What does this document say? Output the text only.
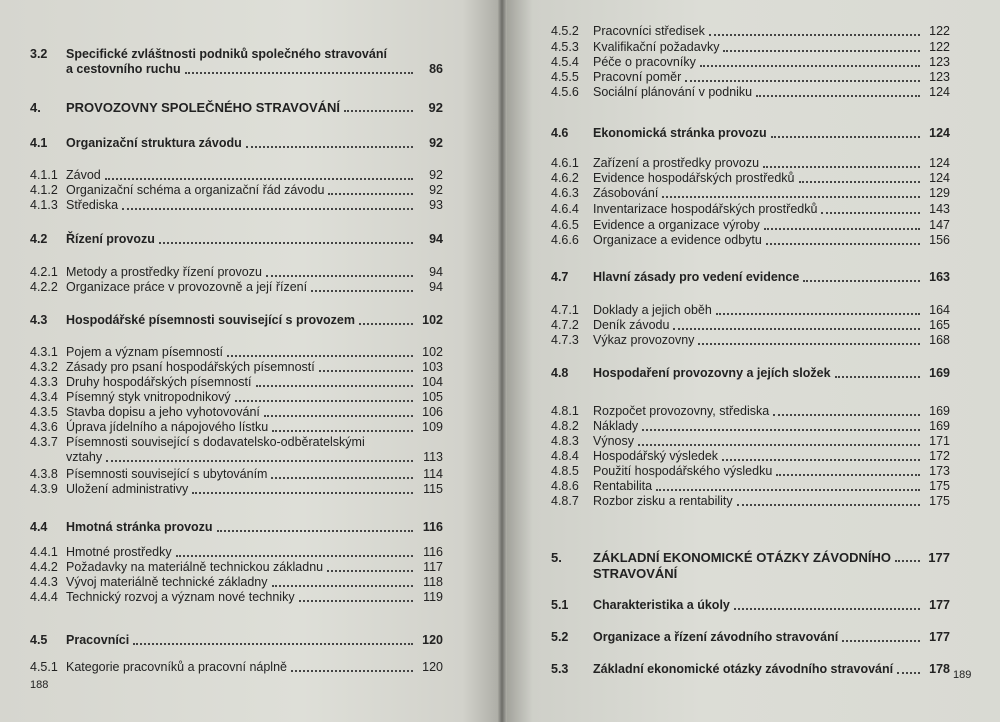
3.2	Specifické zvláštnosti podniků společného stravování
a cestovního ruchu	86
4.	PROVOZOVNY SPOLEČNÉHO STRAVOVÁNÍ	92
4.1	Organizační struktura závodu	92
4.1.1 Závod	92
4.1.2 Organizační schéma a organizační řád závodu	92
4.1.3 Střediska	93
4.2	Řízení provozu	94
4.2.1 Metody a prostředky řízení provozu	94
4.2.2 Organizace práce v provozovně a její řízení	94
4.3	Hospodářské písemnosti související s provozem	102
4.3.1 Pojem a význam písemností	102
4.3.2 Zásady pro psaní hospodářských písemností	103
4.3.3 Druhy hospodářských písemností	104
4.3.4 Písemný styk vnitropodnikový	105
4.3.5 Stavba dopisu a jeho vyhotovování	106
4.3.6 Úprava jídelního a nápojového lístku	109
4.3.7 Písemnosti související s dodavatelsko-odběratelskými
vztahy	113
4.3.8 Písemnosti související s ubytováním	114
4.3.9 Uložení administrativy	115
4.4	Hmotná stránka provozu	116
4.4.1 Hmotné prostředky	116
4.4.2 Požadavky na materiálně technickou základnu	117
4.4.3 Vývoj materiálně technické základny	118
4.4.4 Technický rozvoj a význam nové techniky	119
4.5	Pracovníci	120
4.5.1 Kategorie pracovníků a pracovní náplně	120
188
4.5.2	Pracovníci středisek	122
4.5.3	Kvalifikační požadavky	122
4.5.4	Péče o pracovníky	123
4.5.5	Pracovní poměr	123
4.5.6	Sociální plánování v podniku	124
4.6	Ekonomická stránka provozu	124
4.6.1	Zařízení a prostředky provozu	124
4.6.2	Evidence hospodářských prostředků	124
4.6.3	Zásobování	129
4.6.4	Inventarizace hospodářských prostředků	143
4.6.5	Evidence a organizace výroby	147
4.6.6	Organizace a evidence odbytu	156
4.7	Hlavní zásady pro vedení evidence	163
4.7.1	Doklady a jejich oběh	164
4.7.2	Deník závodu	165
4.7.3	Výkaz provozovny	168
4.8	Hospodaření provozovny a jejích složek	169
4.8.1	Rozpočet provozovny, střediska	169
4.8.2	Náklady	169
4.8.3	Výnosy	171
4.8.4	Hospodářský výsledek	172
4.8.5	Použití hospodářského výsledku	173
4.8.6	Rentabilita	175
4.8.7	Rozbor zisku a rentability	175
5.	ZÁKLADNÍ EKONOMICKÉ OTÁZKY ZÁVODNÍHO	177
STRAVOVÁNÍ
5.1	Charakteristika a úkoly	177
5.2	Organizace a řízení závodního stravování	177
5.3	Základní ekonomické otázky závodního stravování	178 189
